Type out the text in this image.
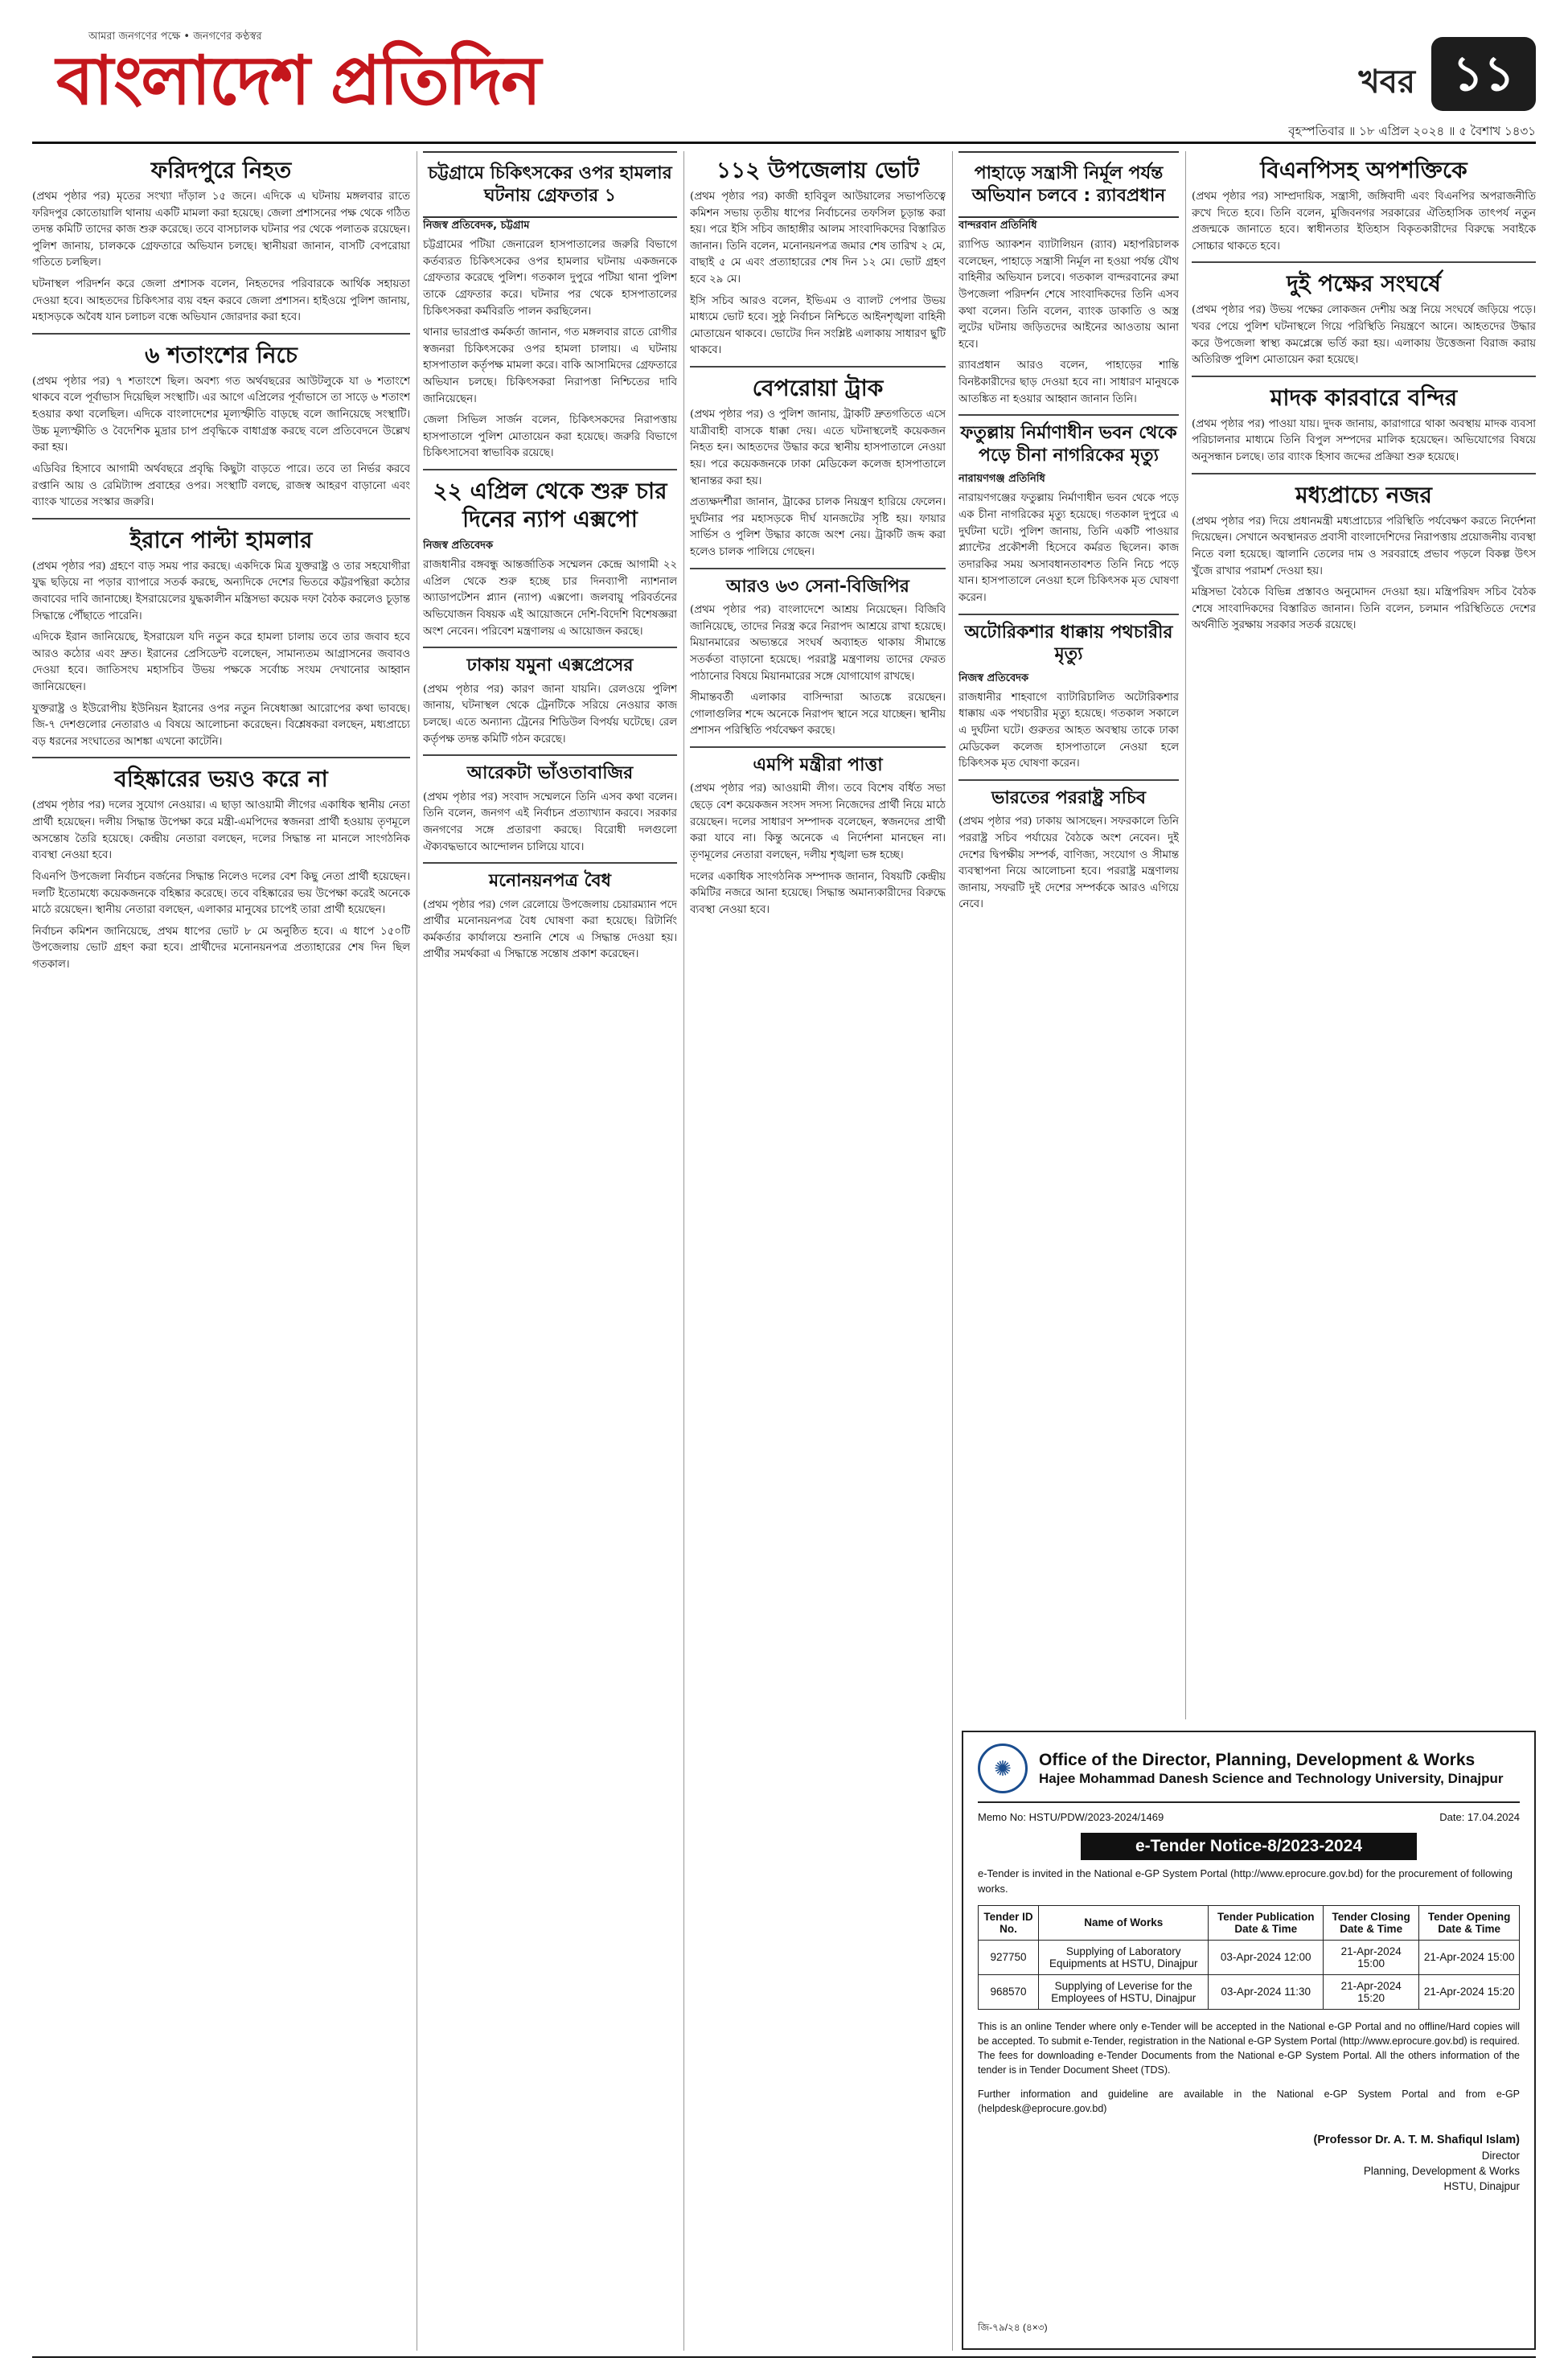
আমরা জনগণের পক্ষে • জনগণের কণ্ঠস্বর
বাংলাদেশ প্রতিদিন	খবর ১১
বৃহস্পতিবার ॥ ১৮ এপ্রিল ২০২৪ ॥ ৫ বৈশাখ ১৪৩১
ফরিদপুরে নিহত

(প্রথম পৃষ্ঠার পর) মৃতের সংখ্যা দাঁড়াল ১৫ জনে। এদিকে এ ঘটনায় মঙ্গলবার রাতে ফরিদপুর কোতোয়ালি থানায় একটি মামলা করা হয়েছে। জেলা প্রশাসনের পক্ষ থেকে গঠিত তদন্ত কমিটি তাদের কাজ শুরু করেছে। তবে বাসচালক ঘটনার পর থেকে পলাতক রয়েছেন। পুলিশ জানায়, চালককে গ্রেফতারে অভিযান চলছে। স্থানীয়রা জানান, বাসটি বেপরোয়া গতিতে চলছিল।

ঘটনাস্থল পরিদর্শন করে জেলা প্রশাসক বলেন, নিহতদের পরিবারকে আর্থিক সহায়তা দেওয়া হবে। আহতদের চিকিৎসার ব্যয় বহন করবে জেলা প্রশাসন। হাইওয়ে পুলিশ জানায়, মহাসড়কে অবৈধ যান চলাচল বন্ধে অভিযান জোরদার করা হবে।

৬ শতাংশের নিচে

(প্রথম পৃষ্ঠার পর) ৭ শতাংশে ছিল। অবশ্য গত অর্থবছরের আউটলুকে যা ৬ শতাংশে থাকবে বলে পূর্বাভাস দিয়েছিল সংস্থাটি। এর আগে এপ্রিলের পূর্বাভাসে তা সাড়ে ৬ শতাংশ হওয়ার কথা বলেছিল। এদিকে বাংলাদেশের মূল্যস্ফীতি বাড়ছে বলে জানিয়েছে সংস্থাটি। উচ্চ মূল্যস্ফীতি ও বৈদেশিক মুদ্রার চাপ প্রবৃদ্ধিকে বাধাগ্রস্ত করছে বলে প্রতিবেদনে উল্লেখ করা হয়।

এডিবির হিসাবে আগামী অর্থবছরে প্রবৃদ্ধি কিছুটা বাড়তে পারে। তবে তা নির্ভর করবে রপ্তানি আয় ও রেমিট্যান্স প্রবাহের ওপর। সংস্থাটি বলছে, রাজস্ব আহরণ বাড়ানো এবং ব্যাংক খাতের সংস্কার জরুরি।

ইরানে পাল্টা হামলার

(প্রথম পৃষ্ঠার পর) গ্রহণে বাড় সময় পার করছে। একদিকে মিত্র যুক্তরাষ্ট্র ও তার সহযোগীরা যুদ্ধ ছড়িয়ে না পড়ার ব্যাপারে সতর্ক করছে, অন্যদিকে দেশের ভিতরে কট্টরপন্থিরা কঠোর জবাবের দাবি জানাচ্ছে। ইসরায়েলের যুদ্ধকালীন মন্ত্রিসভা কয়েক দফা বৈঠক করলেও চূড়ান্ত সিদ্ধান্তে পৌঁছাতে পারেনি।

এদিকে ইরান জানিয়েছে, ইসরায়েল যদি নতুন করে হামলা চালায় তবে তার জবাব হবে আরও কঠোর এবং দ্রুত। ইরানের প্রেসিডেন্ট বলেছেন, সামান্যতম আগ্রাসনের জবাবও দেওয়া হবে। জাতিসংঘ মহাসচিব উভয় পক্ষকে সর্বোচ্চ সংযম দেখানোর আহ্বান জানিয়েছেন।

যুক্তরাষ্ট্র ও ইউরোপীয় ইউনিয়ন ইরানের ওপর নতুন নিষেধাজ্ঞা আরোপের কথা ভাবছে। জি-৭ দেশগুলোর নেতারাও এ বিষয়ে আলোচনা করেছেন। বিশ্লেষকরা বলছেন, মধ্যপ্রাচ্যে বড় ধরনের সংঘাতের আশঙ্কা এখনো কাটেনি।

বহিষ্কারের ভয়ও করে না

(প্রথম পৃষ্ঠার পর) দলের সুযোগ নেওয়ার। এ ছাড়া আওয়ামী লীগের একাধিক স্থানীয় নেতা প্রার্থী হয়েছেন। দলীয় সিদ্ধান্ত উপেক্ষা করে মন্ত্রী-এমপিদের স্বজনরা প্রার্থী হওয়ায় তৃণমূলে অসন্তোষ তৈরি হয়েছে। কেন্দ্রীয় নেতারা বলছেন, দলের সিদ্ধান্ত না মানলে সাংগঠনিক ব্যবস্থা নেওয়া হবে।

বিএনপি উপজেলা নির্বাচন বর্জনের সিদ্ধান্ত নিলেও দলের বেশ কিছু নেতা প্রার্থী হয়েছেন। দলটি ইতোমধ্যে কয়েকজনকে বহিষ্কার করেছে। তবে বহিষ্কারের ভয় উপেক্ষা করেই অনেকে মাঠে রয়েছেন। স্থানীয় নেতারা বলছেন, এলাকার মানুষের চাপেই তারা প্রার্থী হয়েছেন।

নির্বাচন কমিশন জানিয়েছে, প্রথম ধাপের ভোট ৮ মে অনুষ্ঠিত হবে। এ ধাপে ১৫০টি উপজেলায় ভোট গ্রহণ করা হবে। প্রার্থীদের মনোনয়নপত্র প্রত্যাহারের শেষ দিন ছিল গতকাল।

চট্টগ্রামে চিকিৎসকের ওপর হামলার ঘটনায় গ্রেফতার ১
নিজস্ব প্রতিবেদক, চট্টগ্রাম

চট্টগ্রামের পটিয়া জেনারেল হাসপাতালের জরুরি বিভাগে কর্তব্যরত চিকিৎসকের ওপর হামলার ঘটনায় একজনকে গ্রেফতার করেছে পুলিশ। গতকাল দুপুরে পটিয়া থানা পুলিশ তাকে গ্রেফতার করে। ঘটনার পর থেকে হাসপাতালের চিকিৎসকরা কর্মবিরতি পালন করছিলেন।

থানার ভারপ্রাপ্ত কর্মকর্তা জানান, গত মঙ্গলবার রাতে রোগীর স্বজনরা চিকিৎসকের ওপর হামলা চালায়। এ ঘটনায় হাসপাতাল কর্তৃপক্ষ মামলা করে। বাকি আসামিদের গ্রেফতারে অভিযান চলছে। চিকিৎসকরা নিরাপত্তা নিশ্চিতের দাবি জানিয়েছেন।

জেলা সিভিল সার্জন বলেন, চিকিৎসকদের নিরাপত্তায় হাসপাতালে পুলিশ মোতায়েন করা হয়েছে। জরুরি বিভাগে চিকিৎসাসেবা স্বাভাবিক রয়েছে।

২২ এপ্রিল থেকে শুরু চার দিনের ন্যাপ এক্সপো
নিজস্ব প্রতিবেদক

রাজধানীর বঙ্গবন্ধু আন্তর্জাতিক সম্মেলন কেন্দ্রে আগামী ২২ এপ্রিল থেকে শুরু হচ্ছে চার দিনব্যাপী ন্যাশনাল অ্যাডাপটেশন প্ল্যান (ন্যাপ) এক্সপো। জলবায়ু পরিবর্তনের অভিযোজন বিষয়ক এই আয়োজনে দেশি-বিদেশি বিশেষজ্ঞরা অংশ নেবেন। পরিবেশ মন্ত্রণালয় এ আয়োজন করছে।

ঢাকায় যমুনা এক্সপ্রেসের

(প্রথম পৃষ্ঠার পর) কারণ জানা যায়নি। রেলওয়ে পুলিশ জানায়, ঘটনাস্থল থেকে ট্রেনটিকে সরিয়ে নেওয়ার কাজ চলছে। এতে অন্যান্য ট্রেনের শিডিউল বিপর্যয় ঘটেছে। রেল কর্তৃপক্ষ তদন্ত কমিটি গঠন করেছে।

আরেকটা ভাঁওতাবাজির

(প্রথম পৃষ্ঠার পর) সংবাদ সম্মেলনে তিনি এসব কথা বলেন। তিনি বলেন, জনগণ এই নির্বাচন প্রত্যাখ্যান করবে। সরকার জনগণের সঙ্গে প্রতারণা করছে। বিরোধী দলগুলো ঐক্যবদ্ধভাবে আন্দোলন চালিয়ে যাবে।

মনোনয়নপত্র বৈধ

(প্রথম পৃষ্ঠার পর) গেল রেলোয়ে উপজেলায় চেয়ারম্যান পদে প্রার্থীর মনোনয়নপত্র বৈধ ঘোষণা করা হয়েছে। রিটার্নিং কর্মকর্তার কার্যালয়ে শুনানি শেষে এ সিদ্ধান্ত দেওয়া হয়। প্রার্থীর সমর্থকরা এ সিদ্ধান্তে সন্তোষ প্রকাশ করেছেন।

১১২ উপজেলায় ভোট

(প্রথম পৃষ্ঠার পর) কাজী হাবিবুল আউয়ালের সভাপতিত্বে কমিশন সভায় তৃতীয় ধাপের নির্বাচনের তফসিল চূড়ান্ত করা হয়। পরে ইসি সচিব জাহাঙ্গীর আলম সাংবাদিকদের বিস্তারিত জানান। তিনি বলেন, মনোনয়নপত্র জমার শেষ তারিখ ২ মে, বাছাই ৫ মে এবং প্রত্যাহারের শেষ দিন ১২ মে। ভোট গ্রহণ হবে ২৯ মে।

ইসি সচিব আরও বলেন, ইভিএম ও ব্যালট পেপার উভয় মাধ্যমে ভোট হবে। সুষ্ঠু নির্বাচন নিশ্চিতে আইনশৃঙ্খলা বাহিনী মোতায়েন থাকবে। ভোটের দিন সংশ্লিষ্ট এলাকায় সাধারণ ছুটি থাকবে।

বেপরোয়া ট্রাক

(প্রথম পৃষ্ঠার পর) ও পুলিশ জানায়, ট্রাকটি দ্রুতগতিতে এসে যাত্রীবাহী বাসকে ধাক্কা দেয়। এতে ঘটনাস্থলেই কয়েকজন নিহত হন। আহতদের উদ্ধার করে স্থানীয় হাসপাতালে নেওয়া হয়। পরে কয়েকজনকে ঢাকা মেডিকেল কলেজ হাসপাতালে স্থানান্তর করা হয়।

প্রত্যক্ষদর্শীরা জানান, ট্রাকের চালক নিয়ন্ত্রণ হারিয়ে ফেলেন। দুর্ঘটনার পর মহাসড়কে দীর্ঘ যানজটের সৃষ্টি হয়। ফায়ার সার্ভিস ও পুলিশ উদ্ধার কাজে অংশ নেয়। ট্রাকটি জব্দ করা হলেও চালক পালিয়ে গেছেন।

আরও ৬৩ সেনা-বিজিপির

(প্রথম পৃষ্ঠার পর) বাংলাদেশে আশ্রয় নিয়েছেন। বিজিবি জানিয়েছে, তাদের নিরস্ত্র করে নিরাপদ আশ্রয়ে রাখা হয়েছে। মিয়ানমারের অভ্যন্তরে সংঘর্ষ অব্যাহত থাকায় সীমান্তে সতর্কতা বাড়ানো হয়েছে। পররাষ্ট্র মন্ত্রণালয় তাদের ফেরত পাঠানোর বিষয়ে মিয়ানমারের সঙ্গে যোগাযোগ রাখছে।

সীমান্তবর্তী এলাকার বাসিন্দারা আতঙ্কে রয়েছেন। গোলাগুলির শব্দে অনেকে নিরাপদ স্থানে সরে যাচ্ছেন। স্থানীয় প্রশাসন পরিস্থিতি পর্যবেক্ষণ করছে।

এমপি মন্ত্রীরা পাত্তা

(প্রথম পৃষ্ঠার পর) আওয়ামী লীগ। তবে বিশেষ বর্ধিত সভা ছেড়ে বেশ কয়েকজন সংসদ সদস্য নিজেদের প্রার্থী নিয়ে মাঠে রয়েছেন। দলের সাধারণ সম্পাদক বলেছেন, স্বজনদের প্রার্থী করা যাবে না। কিন্তু অনেকে এ নির্দেশনা মানছেন না। তৃণমূলের নেতারা বলছেন, দলীয় শৃঙ্খলা ভঙ্গ হচ্ছে।

দলের একাধিক সাংগঠনিক সম্পাদক জানান, বিষয়টি কেন্দ্রীয় কমিটির নজরে আনা হয়েছে। সিদ্ধান্ত অমান্যকারীদের বিরুদ্ধে ব্যবস্থা নেওয়া হবে।

পাহাড়ে সন্ত্রাসী নির্মূল পর্যন্ত অভিযান চলবে : র‌্যাবপ্রধান
বান্দরবান প্রতিনিধি

র‌্যাপিড অ্যাকশন ব্যাটালিয়ন (র‌্যাব) মহাপরিচালক বলেছেন, পাহাড়ে সন্ত্রাসী নির্মূল না হওয়া পর্যন্ত যৌথ বাহিনীর অভিযান চলবে। গতকাল বান্দরবানের রুমা উপজেলা পরিদর্শন শেষে সাংবাদিকদের তিনি এসব কথা বলেন। তিনি বলেন, ব্যাংক ডাকাতি ও অস্ত্র লুটের ঘটনায় জড়িতদের আইনের আওতায় আনা হবে।

র‌্যাবপ্রধান আরও বলেন, পাহাড়ের শান্তি বিনষ্টকারীদের ছাড় দেওয়া হবে না। সাধারণ মানুষকে আতঙ্কিত না হওয়ার আহ্বান জানান তিনি।

ফতুল্লায় নির্মাণাধীন ভবন থেকে পড়ে চীনা নাগরিকের মৃত্যু
নারায়ণগঞ্জ প্রতিনিধি

নারায়ণগঞ্জের ফতুল্লায় নির্মাণাধীন ভবন থেকে পড়ে এক চীনা নাগরিকের মৃত্যু হয়েছে। গতকাল দুপুরে এ দুর্ঘটনা ঘটে। পুলিশ জানায়, তিনি একটি পাওয়ার প্ল্যান্টের প্রকৌশলী হিসেবে কর্মরত ছিলেন। কাজ তদারকির সময় অসাবধানতাবশত তিনি নিচে পড়ে যান। হাসপাতালে নেওয়া হলে চিকিৎসক মৃত ঘোষণা করেন।

অটোরিকশার ধাক্কায় পথচারীর মৃত্যু
নিজস্ব প্রতিবেদক

রাজধানীর শাহবাগে ব্যাটারিচালিত অটোরিকশার ধাক্কায় এক পথচারীর মৃত্যু হয়েছে। গতকাল সকালে এ দুর্ঘটনা ঘটে। গুরুতর আহত অবস্থায় তাকে ঢাকা মেডিকেল কলেজ হাসপাতালে নেওয়া হলে চিকিৎসক মৃত ঘোষণা করেন।

ভারতের পররাষ্ট্র সচিব

(প্রথম পৃষ্ঠার পর) ঢাকায় আসছেন। সফরকালে তিনি পররাষ্ট্র সচিব পর্যায়ের বৈঠকে অংশ নেবেন। দুই দেশের দ্বিপক্ষীয় সম্পর্ক, বাণিজ্য, সংযোগ ও সীমান্ত ব্যবস্থাপনা নিয়ে আলোচনা হবে। পররাষ্ট্র মন্ত্রণালয় জানায়, সফরটি দুই দেশের সম্পর্ককে আরও এগিয়ে নেবে।

বিএনপিসহ অপশক্তিকে

(প্রথম পৃষ্ঠার পর) সাম্প্রদায়িক, সন্ত্রাসী, জঙ্গিবাদী এবং বিএনপির অপরাজনীতি রুখে দিতে হবে। তিনি বলেন, মুজিবনগর সরকারের ঐতিহাসিক তাৎপর্য নতুন প্রজন্মকে জানাতে হবে। স্বাধীনতার ইতিহাস বিকৃতকারীদের বিরুদ্ধে সবাইকে সোচ্চার থাকতে হবে।

দুই পক্ষের সংঘর্ষে

(প্রথম পৃষ্ঠার পর) উভয় পক্ষের লোকজন দেশীয় অস্ত্র নিয়ে সংঘর্ষে জড়িয়ে পড়ে। খবর পেয়ে পুলিশ ঘটনাস্থলে গিয়ে পরিস্থিতি নিয়ন্ত্রণে আনে। আহতদের উদ্ধার করে উপজেলা স্বাস্থ্য কমপ্লেক্সে ভর্তি করা হয়। এলাকায় উত্তেজনা বিরাজ করায় অতিরিক্ত পুলিশ মোতায়েন করা হয়েছে।

মাদক কারবারে বন্দির

(প্রথম পৃষ্ঠার পর) পাওয়া যায়। দুদক জানায়, কারাগারে থাকা অবস্থায় মাদক ব্যবসা পরিচালনার মাধ্যমে তিনি বিপুল সম্পদের মালিক হয়েছেন। অভিযোগের বিষয়ে অনুসন্ধান চলছে। তার ব্যাংক হিসাব জব্দের প্রক্রিয়া শুরু হয়েছে।

মধ্যপ্রাচ্যে নজর

(প্রথম পৃষ্ঠার পর) দিয়ে প্রধানমন্ত্রী মধ্যপ্রাচ্যের পরিস্থিতি পর্যবেক্ষণ করতে নির্দেশনা দিয়েছেন। সেখানে অবস্থানরত প্রবাসী বাংলাদেশিদের নিরাপত্তায় প্রয়োজনীয় ব্যবস্থা নিতে বলা হয়েছে। জ্বালানি তেলের দাম ও সরবরাহে প্রভাব পড়লে বিকল্প উৎস খুঁজে রাখার পরামর্শ দেওয়া হয়।

মন্ত্রিসভা বৈঠকে বিভিন্ন প্রস্তাবও অনুমোদন দেওয়া হয়। মন্ত্রিপরিষদ সচিব বৈঠক শেষে সাংবাদিকদের বিস্তারিত জানান। তিনি বলেন, চলমান পরিস্থিতিতে দেশের অর্থনীতি সুরক্ষায় সরকার সতর্ক রয়েছে।

✺	Office of the Director, Planning, Development & Works
Hajee Mohammad Danesh Science and Technology University, Dinajpur
Memo No: HSTU/PDW/2023-2024/1469	Date: 17.04.2024
e-Tender Notice-8/2023-2024
e-Tender is invited in the National e-GP System Portal (http://www.eprocure.gov.bd) for the procurement of following works.
Tender ID No.	Name of Works	Tender Publication Date & Time	Tender Closing Date & Time	Tender Opening Date & Time
927750	Supplying of Laboratory Equipments at HSTU, Dinajpur	03-Apr-2024 12:00	21-Apr-2024 15:00	21-Apr-2024 15:00
968570	Supplying of Leverise for the Employees of HSTU, Dinajpur	03-Apr-2024 11:30	21-Apr-2024 15:20	21-Apr-2024 15:20
This is an online Tender where only e-Tender will be accepted in the National e-GP Portal and no offline/Hard copies will be accepted. To submit e-Tender, registration in the National e-GP System Portal (http://www.eprocure.gov.bd) is required. The fees for downloading e-Tender Documents from the National e-GP System Portal. All the others information of the tender is in Tender Document Sheet (TDS).
Further information and guideline are available in the National e-GP System Portal and from e-GP (helpdesk@eprocure.gov.bd)
(Professor Dr. A. T. M. Shafiqul Islam)
Director
Planning, Development & Works
HSTU, Dinajpur
জি-৭৯/২৪ (৪×৩)
